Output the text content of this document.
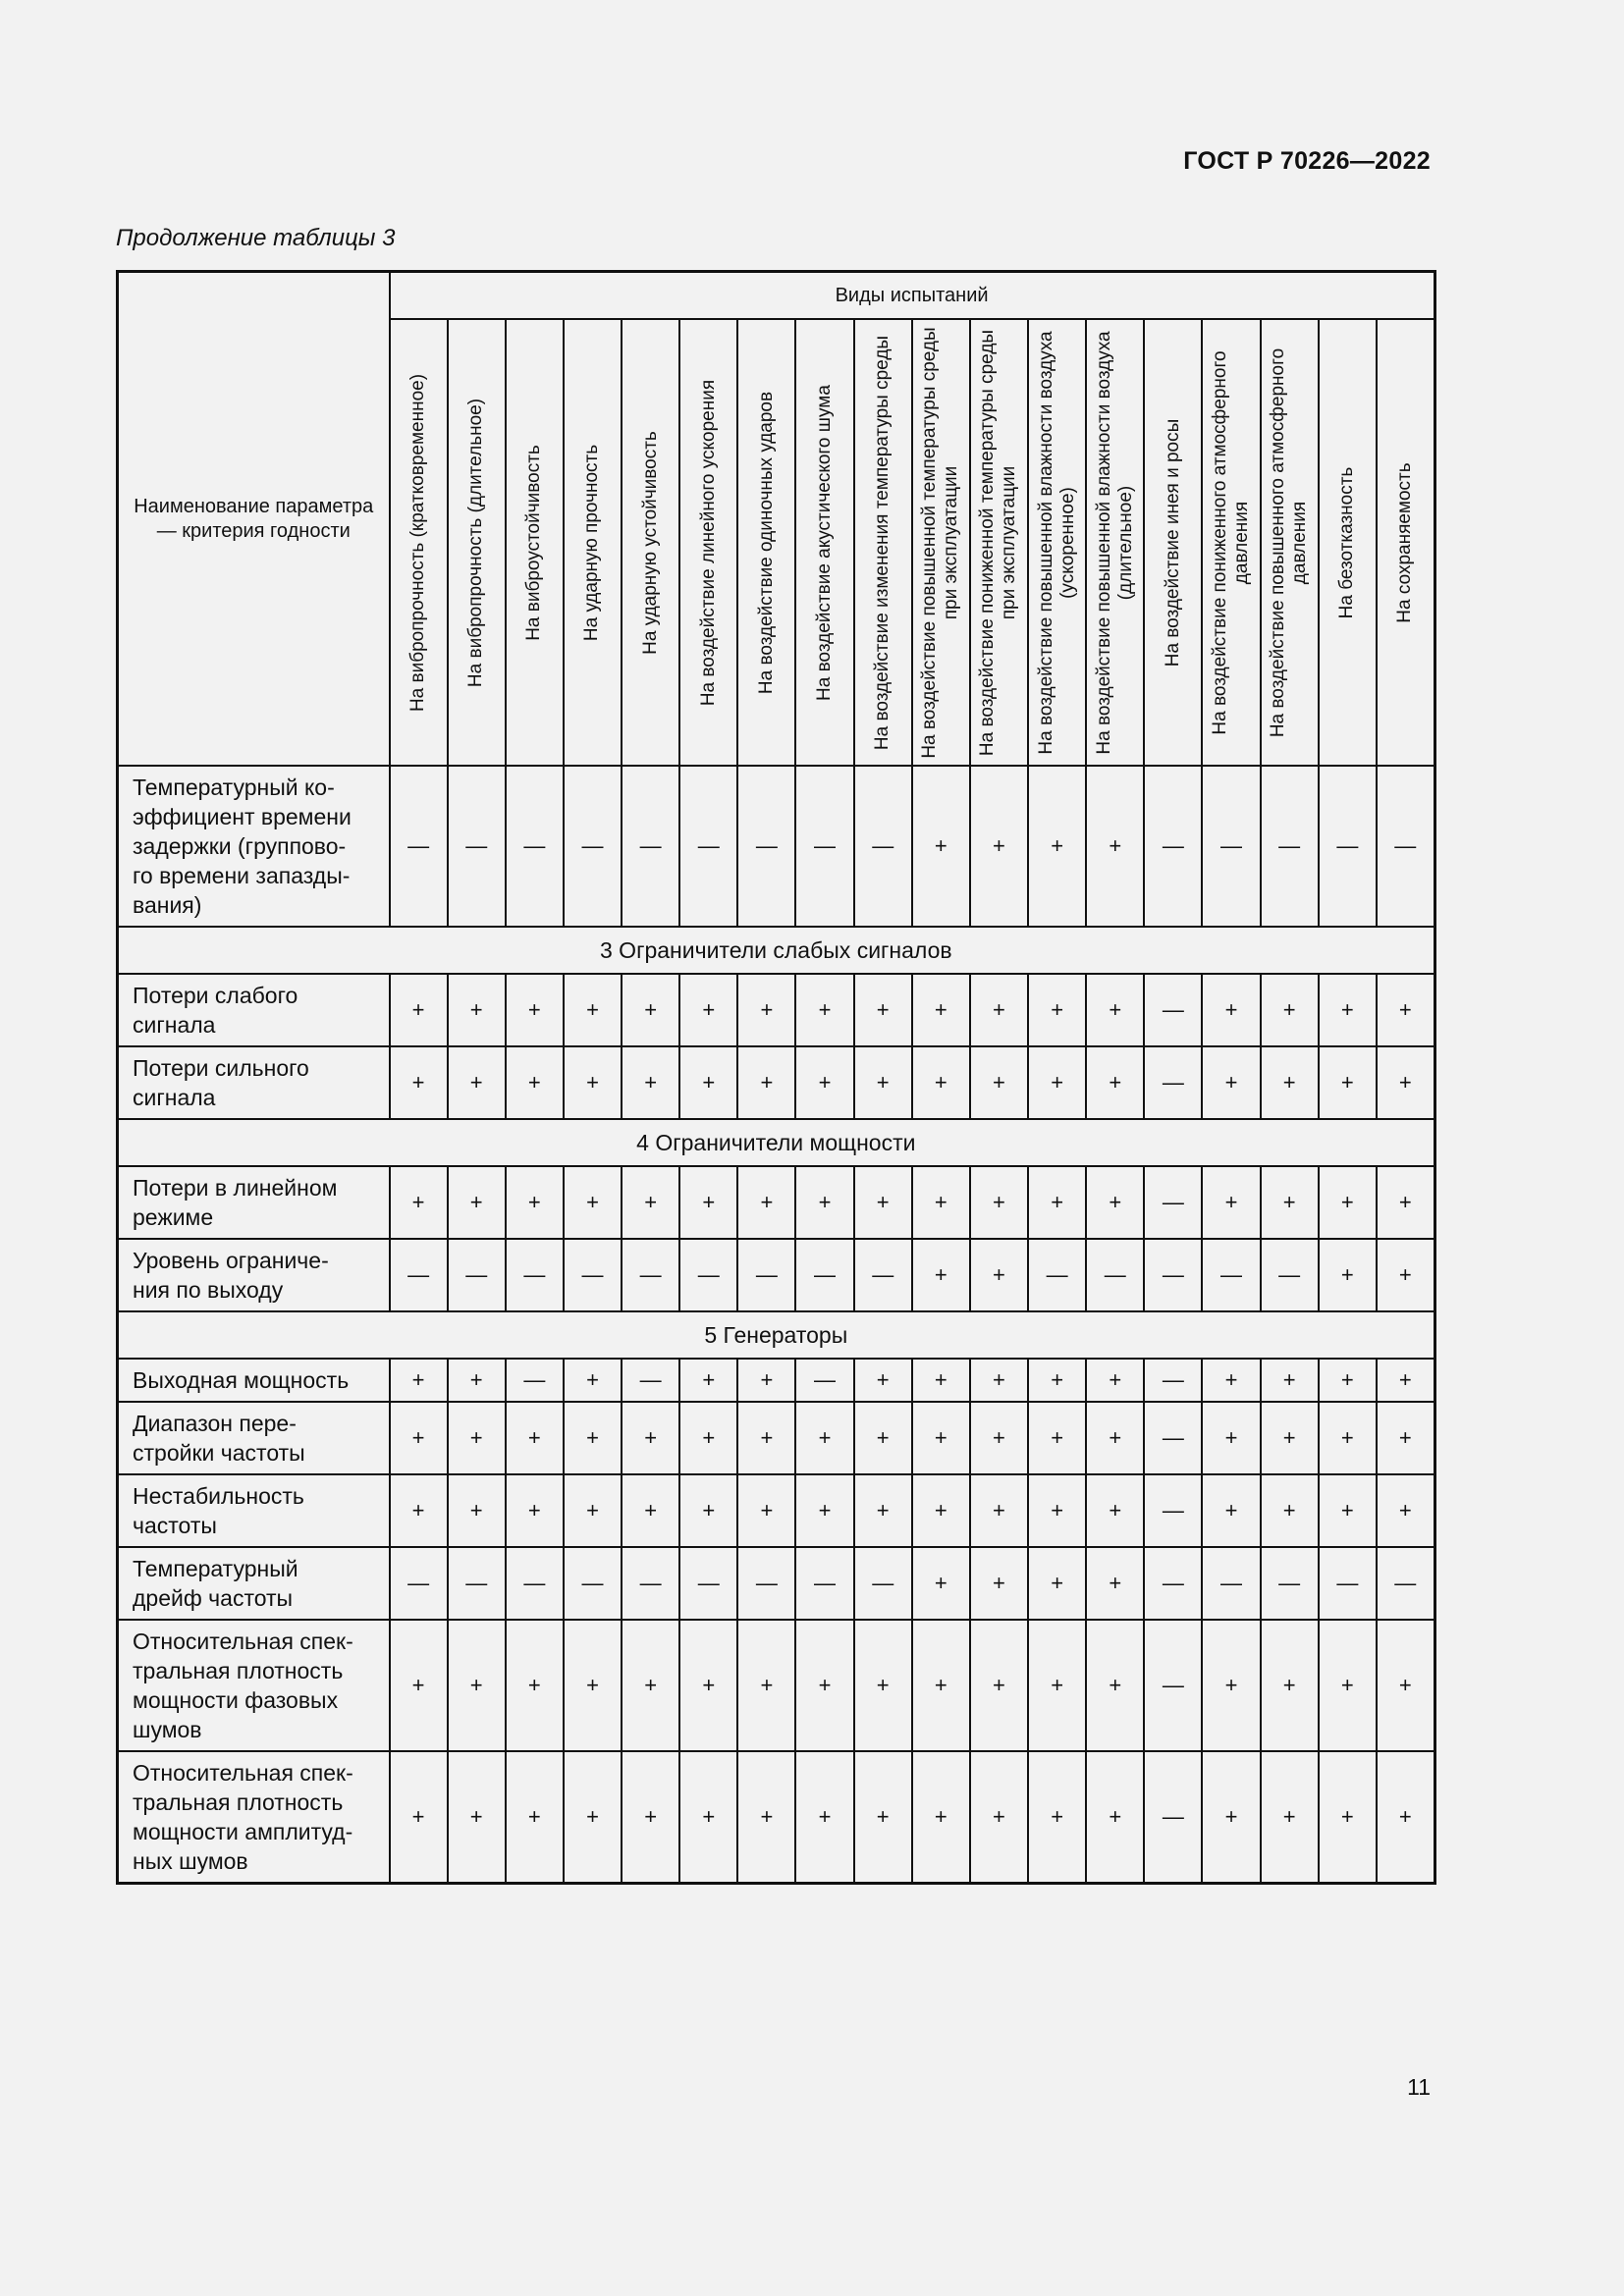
ГОСТ Р 70226—2022
Продолжение таблицы 3
Наименование параметра — критерия годности	Виды испытаний																	

	На вибропрочность (кратковременное)	На вибропрочность (длительное)	На виброустойчивость	На ударную прочность	На ударную устойчивость	На воздействие линейного ускорения	На воздействие одиночных ударов	На воздействие акустического шума	На воздействие изменения температуры среды	На воздействие повышенной температуры среды при эксплуатации	На воздействие пониженной температуры среды при эксплуатации	На воздействие повышенной влажности воздуха (ускоренное)	На воздействие повышенной влажности воздуха (длительное)	На воздействие инея и росы	На воздействие пониженного атмосферного давления	На воздействие повышенного атмосферного давления	На безотказность	На сохраняемость

Температурный ко-
эффициент времени
задержки (группово-
го времени запазды-
вания)	—	—	—	—	—	—	—	—	—	+	+	+	+	—	—	—	—	—
3 Ограничители слабых сигналов																		
Потери слабого
сигнала	+	+	+	+	+	+	+	+	+	+	+	+	+	—	+	+	+	+
Потери сильного
сигнала	+	+	+	+	+	+	+	+	+	+	+	+	+	—	+	+	+	+
4 Ограничители мощности																		
Потери в линейном
режиме	+	+	+	+	+	+	+	+	+	+	+	+	+	—	+	+	+	+
Уровень ограниче-
ния по выходу	—	—	—	—	—	—	—	—	—	+	+	—	—	—	—	—	+	+
5 Генераторы																		
Выходная мощность	+	+	—	+	—	+	+	—	+	+	+	+	+	—	+	+	+	+
Диапазон пере-
стройки частоты	+	+	+	+	+	+	+	+	+	+	+	+	+	—	+	+	+	+
Нестабильность
частоты	+	+	+	+	+	+	+	+	+	+	+	+	+	—	+	+	+	+
Температурный
дрейф частоты	—	—	—	—	—	—	—	—	—	+	+	+	+	—	—	—	—	—
Относительная спек-
тральная плотность
мощности фазовых
шумов	+	+	+	+	+	+	+	+	+	+	+	+	+	—	+	+	+	+
Относительная спек-
тральная плотность
мощности амплитуд-
ных шумов	+	+	+	+	+	+	+	+	+	+	+	+	+	—	+	+	+	+
11
